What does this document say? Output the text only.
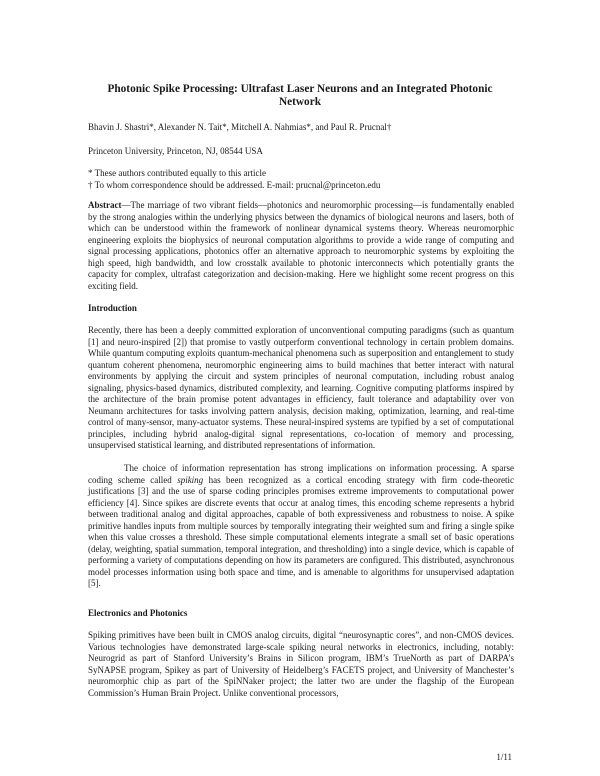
Photonic Spike Processing: Ultrafast Laser Neurons and an Integrated Photonic Network
Bhavin J. Shastri*, Alexander N. Tait*, Mitchell A. Nahmias*, and Paul R. Prucnal†
Princeton University, Princeton, NJ, 08544 USA
* These authors contributed equally to this article
† To whom correspondence should be addressed. E-mail: prucnal@princeton.edu
Abstract—The marriage of two vibrant fields—photonics and neuromorphic processing—is fundamentally enabled by the strong analogies within the underlying physics between the dynamics of biological neurons and lasers, both of which can be understood within the framework of nonlinear dynamical systems theory. Whereas neuromorphic engineering exploits the biophysics of neuronal computation algorithms to provide a wide range of computing and signal processing applications, photonics offer an alternative approach to neuromorphic systems by exploiting the high speed, high bandwidth, and low crosstalk available to photonic interconnects which potentially grants the capacity for complex, ultrafast categorization and decision-making. Here we highlight some recent progress on this exciting field.
Introduction
Recently, there has been a deeply committed exploration of unconventional computing paradigms (such as quantum [1] and neuro-inspired [2]) that promise to vastly outperform conventional technology in certain problem domains. While quantum computing exploits quantum-mechanical phenomena such as superposition and entanglement to study quantum coherent phenomena, neuromorphic engineering aims to build machines that better interact with natural environments by applying the circuit and system principles of neuronal computation, including robust analog signaling, physics-based dynamics, distributed complexity, and learning. Cognitive computing platforms inspired by the architecture of the brain promise potent advantages in efficiency, fault tolerance and adaptability over von Neumann architectures for tasks involving pattern analysis, decision making, optimization, learning, and real-time control of many-sensor, many-actuator systems. These neural-inspired systems are typified by a set of computational principles, including hybrid analog-digital signal representations, co-location of memory and processing, unsupervised statistical learning, and distributed representations of information.
The choice of information representation has strong implications on information processing. A sparse coding scheme called spiking has been recognized as a cortical encoding strategy with firm code-theoretic justifications [3] and the use of sparse coding principles promises extreme improvements to computational power efficiency [4]. Since spikes are discrete events that occur at analog times, this encoding scheme represents a hybrid between traditional analog and digital approaches, capable of both expressiveness and robustness to noise. A spike primitive handles inputs from multiple sources by temporally integrating their weighted sum and firing a single spike when this value crosses a threshold. These simple computational elements integrate a small set of basic operations (delay, weighting, spatial summation, temporal integration, and thresholding) into a single device, which is capable of performing a variety of computations depending on how its parameters are configured. This distributed, asynchronous model processes information using both space and time, and is amenable to algorithms for unsupervised adaptation [5].
Electronics and Photonics
Spiking primitives have been built in CMOS analog circuits, digital “neurosynaptic cores”, and non-CMOS devices. Various technologies have demonstrated large-scale spiking neural networks in electronics, including, notably: Neurogrid as part of Stanford University’s Brains in Silicon program, IBM’s TrueNorth as part of DARPA’s SyNAPSE program, Spikey as part of University of Heidelberg’s FACETS project, and University of Manchester’s neuromorphic chip as part of the SpiNNaker project; the latter two are under the flagship of the European Commission’s Human Brain Project. Unlike conventional processors,
1/11
